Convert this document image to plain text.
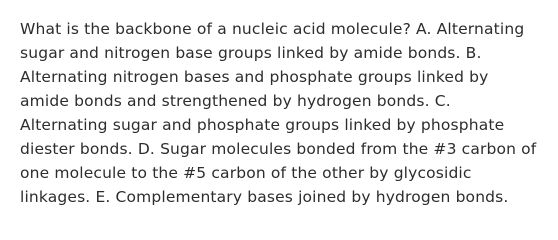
What is the backbone of a nucleic acid molecule? A. Alternating
sugar and nitrogen base groups linked by amide bonds. B.
Alternating nitrogen bases and phosphate groups linked by
amide bonds and strengthened by hydrogen bonds. C.
Alternating sugar and phosphate groups linked by phosphate
diester bonds. D. Sugar molecules bonded from the #3 carbon of
one molecule to the #5 carbon of the other by glycosidic
linkages. E. Complementary bases joined by hydrogen bonds.
